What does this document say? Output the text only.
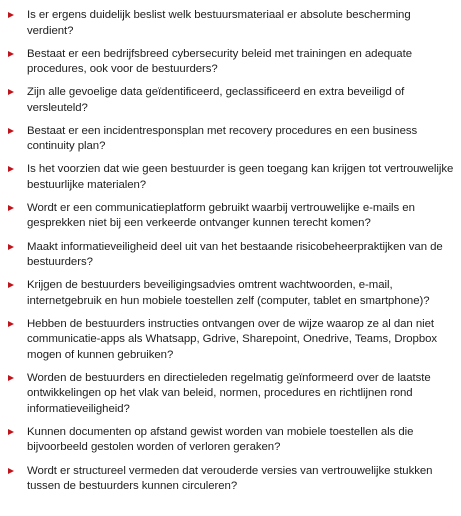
Is er ergens duidelijk beslist welk bestuursmateriaal er absolute bescherming verdient?
Bestaat er een bedrijfsbreed cybersecurity beleid met trainingen en adequate procedures, ook voor de bestuurders?
Zijn alle gevoelige data geïdentificeerd, geclassificeerd en extra beveiligd of versleuteld?
Bestaat er een incidentresponsplan met recovery procedures en een business continuity plan?
Is het voorzien dat wie geen bestuurder is geen toegang kan krijgen tot vertrouwelijke bestuurlijke materialen?
Wordt er een communicatieplatform gebruikt waarbij vertrouwelijke e-mails en gesprekken niet bij een verkeerde ontvanger kunnen terecht komen?
Maakt informatieveiligheid deel uit van het bestaande risicobeheerpraktijken van de bestuurders?
Krijgen de bestuurders beveiligingsadvies omtrent wachtwoorden, e-mail, internetgebruik en hun mobiele toestellen zelf (computer, tablet en smartphone)?
Hebben de bestuurders instructies ontvangen over de wijze waarop ze al dan niet communicatie-apps als Whatsapp, Gdrive, Sharepoint, Onedrive, Teams, Dropbox mogen of kunnen gebruiken?
Worden de bestuurders en directieleden regelmatig geïnformeerd over de laatste ontwikkelingen op het vlak van beleid, normen, procedures en richtlijnen rond informatieveiligheid?
Kunnen documenten op afstand gewist worden van mobiele toestellen als die bijvoorbeeld gestolen worden of verloren geraken?
Wordt er structureel vermeden dat verouderde versies van vertrouwelijke stukken tussen de bestuurders kunnen circuleren?
